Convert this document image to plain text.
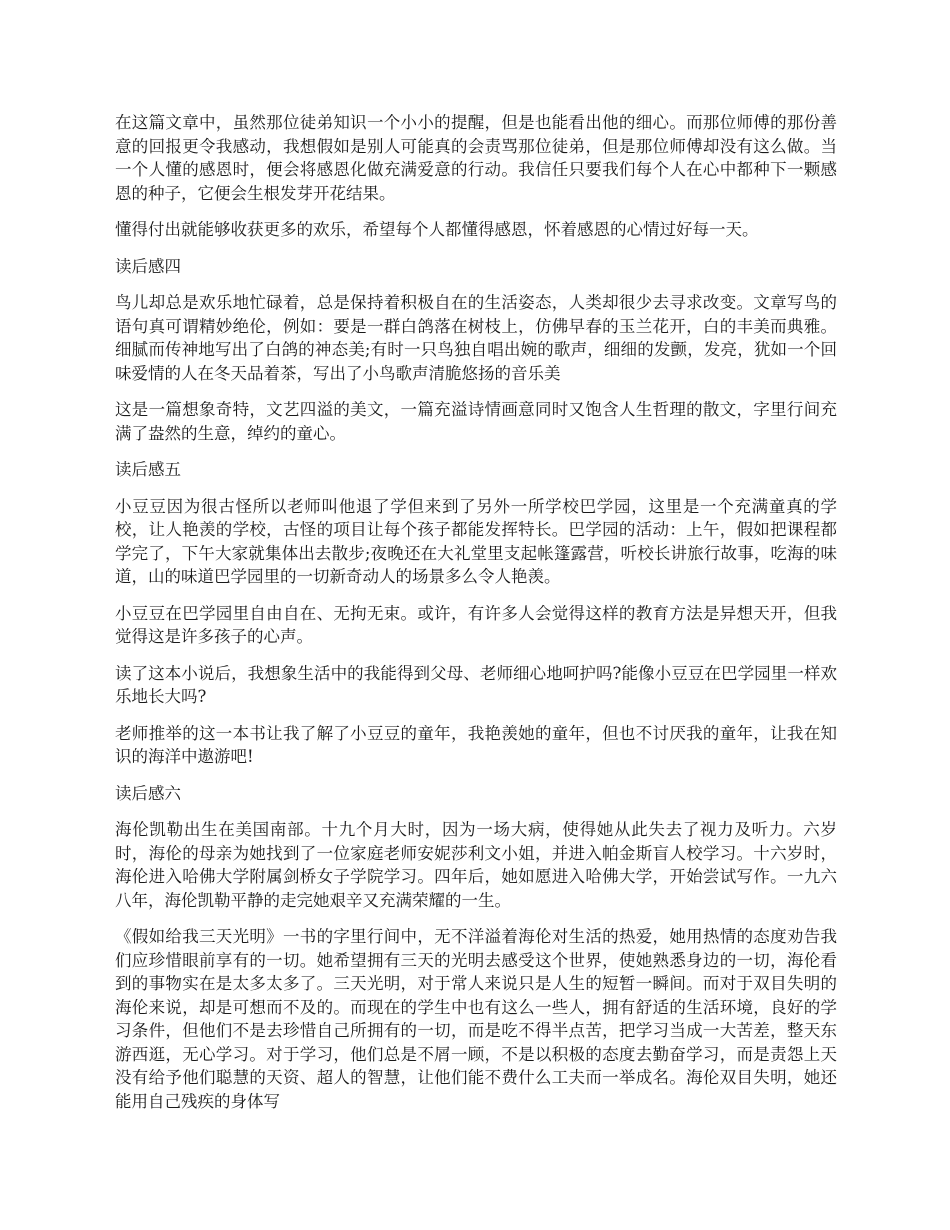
在这篇文章中，虽然那位徒弟知识一个小小的提醒，但是也能看出他的细心。而那位师傅的那份善意的回报更令我感动，我想假如是别人可能真的会责骂那位徒弟，但是那位师傅却没有这么做。当一个人懂的感恩时，便会将感恩化做充满爱意的行动。我信任只要我们每个人在心中都种下一颗感恩的种子，它便会生根发芽开花结果。

懂得付出就能够收获更多的欢乐，希望每个人都懂得感恩，怀着感恩的心情过好每一天。

读后感四

鸟儿却总是欢乐地忙碌着，总是保持着积极自在的生活姿态，人类却很少去寻求改变。文章写鸟的语句真可谓精妙绝伦，例如：要是一群白鸽落在树枝上，仿佛早春的玉兰花开，白的丰美而典雅。细腻而传神地写出了白鸽的神态美;有时一只鸟独自唱出婉的歌声，细细的发颤，发亮，犹如一个回味爱情的人在冬天品着茶，写出了小鸟歌声清脆悠扬的音乐美

这是一篇想象奇特，文艺四溢的美文，一篇充溢诗情画意同时又饱含人生哲理的散文，字里行间充满了盎然的生意，绰约的童心。

读后感五

小豆豆因为很古怪所以老师叫他退了学但来到了另外一所学校巴学园，这里是一个充满童真的学校，让人艳羡的学校，古怪的项目让每个孩子都能发挥特长。巴学园的活动：上午，假如把课程都学完了，下午大家就集体出去散步;夜晚还在大礼堂里支起帐篷露营，听校长讲旅行故事，吃海的味道，山的味道巴学园里的一切新奇动人的场景多么令人艳羡。

小豆豆在巴学园里自由自在、无拘无束。或许，有许多人会觉得这样的教育方法是异想天开，但我觉得这是许多孩子的心声。

读了这本小说后，我想象生活中的我能得到父母、老师细心地呵护吗?能像小豆豆在巴学园里一样欢乐地长大吗?

老师推举的这一本书让我了解了小豆豆的童年，我艳羡她的童年，但也不讨厌我的童年，让我在知识的海洋中遨游吧!

读后感六

海伦凯勒出生在美国南部。十九个月大时，因为一场大病，使得她从此失去了视力及听力。六岁时，海伦的母亲为她找到了一位家庭老师安妮莎利文小姐，并进入帕金斯盲人校学习。十六岁时，海伦进入哈佛大学附属剑桥女子学院学习。四年后，她如愿进入哈佛大学，开始尝试写作。一九六八年，海伦凯勒平静的走完她艰辛又充满荣耀的一生。

《假如给我三天光明》一书的字里行间中，无不洋溢着海伦对生活的热爱，她用热情的态度劝告我们应珍惜眼前享有的一切。她希望拥有三天的光明去感受这个世界，使她熟悉身边的一切，海伦看到的事物实在是太多太多了。三天光明，对于常人来说只是人生的短暂一瞬间。而对于双目失明的海伦来说，却是可想而不及的。而现在的学生中也有这么一些人，拥有舒适的生活环境，良好的学习条件，但他们不是去珍惜自己所拥有的一切，而是吃不得半点苦，把学习当成一大苦差，整天东游西逛，无心学习。对于学习，他们总是不屑一顾，不是以积极的态度去勤奋学习，而是责怨上天没有给予他们聪慧的天资、超人的智慧，让他们能不费什么工夫而一举成名。海伦双目失明，她还能用自己残疾的身体写
